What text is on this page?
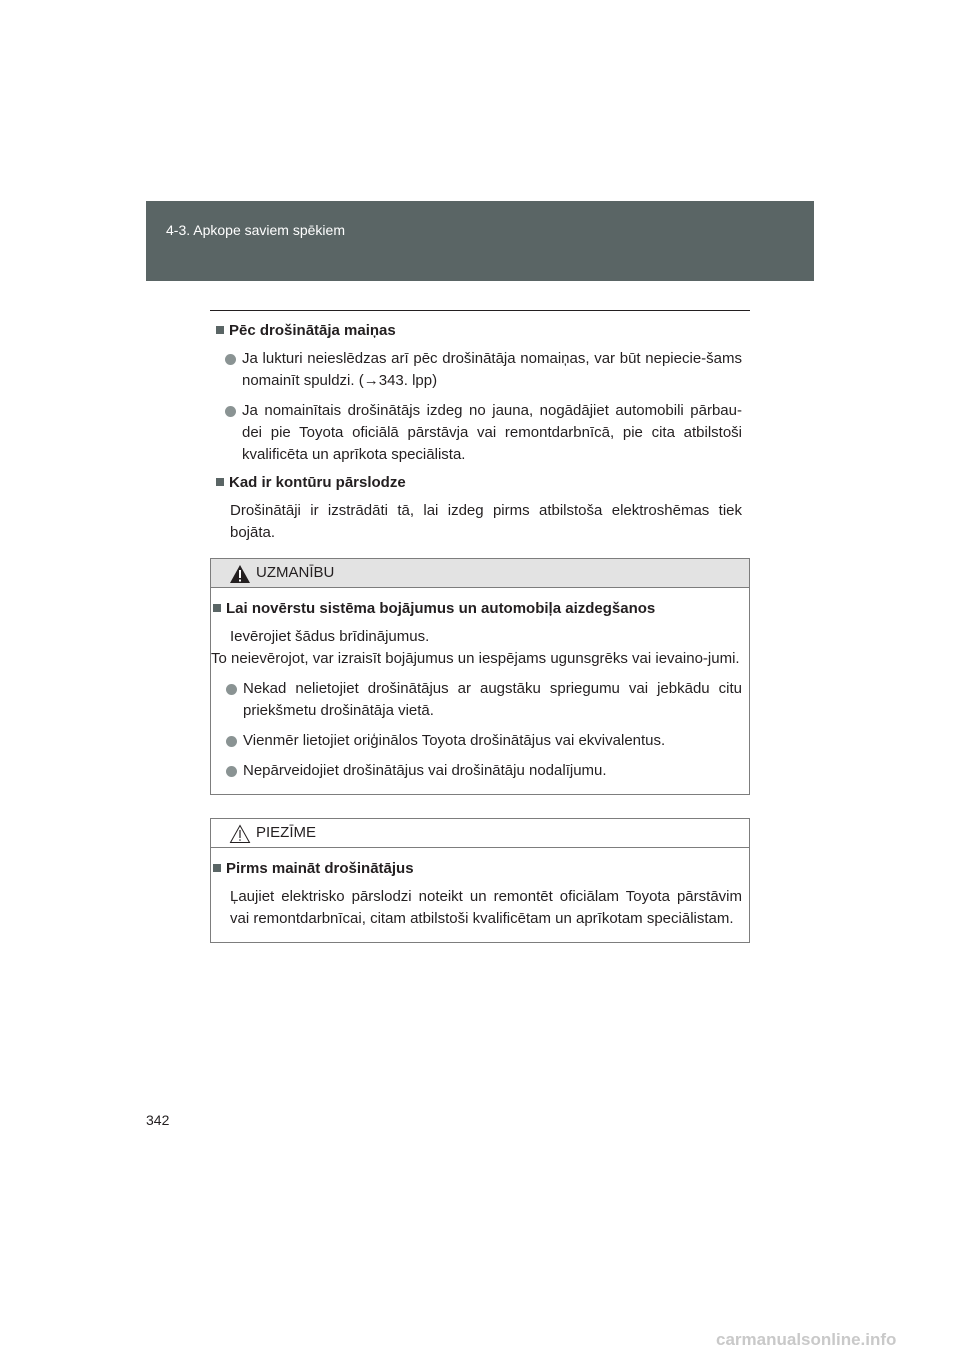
4-3. Apkope saviem spēkiem

Pēc drošinātāja maiņas

Ja lukturi neieslēdzas arī pēc drošinātāja nomaiņas, var būt nepiecie-šams nomainīt spuldzi. (→343. lpp)

Ja nomainītais drošinātājs izdeg no jauna, nogādājiet automobili pārbau-dei pie Toyota oficiālā pārstāvja vai remontdarbnīcā, pie cita atbilstoši kvalificēta un aprīkota speciālista.

Kad ir kontūru pārslodze

Drošinātāji ir izstrādāti tā, lai izdeg pirms atbilstoša elektroshēmas tiek bojāta.

UZMANĪBU

Lai novērstu sistēma bojājumus un automobiļa aizdegšanos

Ievērojiet šādus brīdinājumus.

To neievērojot, var izraisīt bojājumus un iespējams ugunsgrēks vai ievaino-jumi.

Nekad nelietojiet drošinātājus ar augstāku spriegumu vai jebkādu citu priekšmetu drošinātāja vietā.

Vienmēr lietojiet oriģinālos Toyota drošinātājus vai ekvivalentus.

Nepārveidojiet drošinātājus vai drošinātāju nodalījumu.

PIEZĪME

Pirms maināt drošinātājus

Ļaujiet elektrisko pārslodzi noteikt un remontēt oficiālam Toyota pārstāvim vai remontdarbnīcai, citam atbilstoši kvalificētam un aprīkotam speciālistam.

342
carmanualsonline.info
